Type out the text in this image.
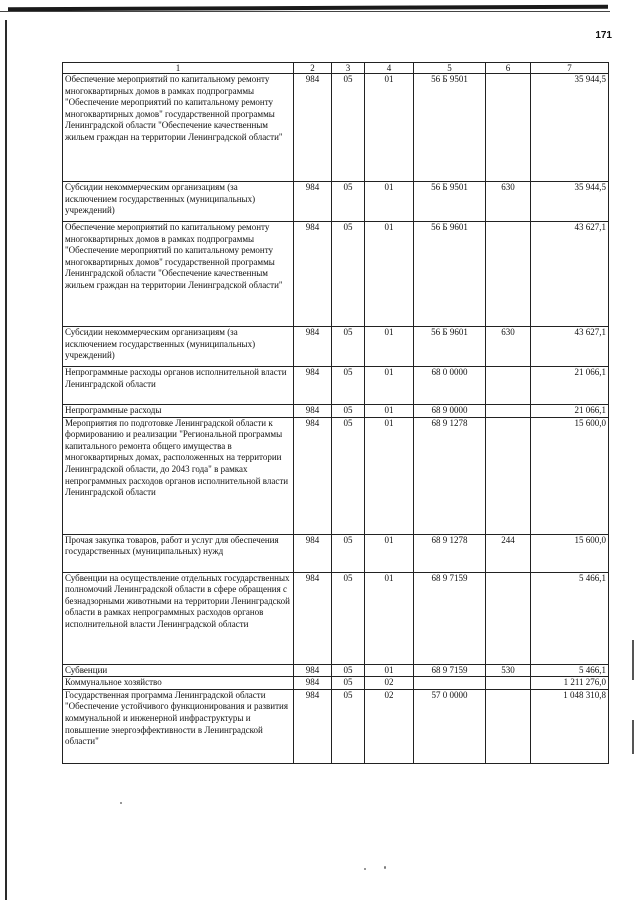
171
1	2	3	4	5	6	7
Обеспечение мероприятий по капитальному ремонту многоквартирных домов в рамках подпрограммы "Обеспечение мероприятий по капитальному ремонту многоквартирных домов" государственной программы Ленинградской области "Обеспечение качественным жильем граждан на территории Ленинградской области"	984	05	01	56 Б 9501		35 944,5
Субсидии некоммерческим организациям (за исключением государственных (муниципальных) учреждений)	984	05	01	56 Б 9501	630	35 944,5
Обеспечение мероприятий по капитальному ремонту многоквартирных домов в рамках подпрограммы "Обеспечение мероприятий по капитальному ремонту многоквартирных домов" государственной программы Ленинградской области "Обеспечение качественным жильем граждан на территории Ленинградской области"	984	05	01	56 Б 9601		43 627,1
Субсидии некоммерческим организациям (за исключением государственных (муниципальных) учреждений)	984	05	01	56 Б 9601	630	43 627,1
Непрограммные расходы органов исполнительной власти Ленинградской области	984	05	01	68 0 0000		21 066,1
Непрограммные расходы	984	05	01	68 9 0000		21 066,1
Мероприятия по подготовке Ленинградской области к формированию и реализации "Региональной программы капитального ремонта общего имущества в многоквартирных домах, расположенных на территории Ленинградской области, до 2043 года" в рамках непрограммных расходов органов исполнительной власти Ленинградской области	984	05	01	68 9 1278		15 600,0
Прочая закупка товаров, работ и услуг для обеспечения государственных (муниципальных) нужд	984	05	01	68 9 1278	244	15 600,0
Субвенции на осуществление отдельных государственных полномочий Ленинградской области в сфере обращения с безнадзорными животными на территории Ленинградской области в рамках непрограммных расходов органов исполнительной власти Ленинградской области	984	05	01	68 9 7159		5 466,1
Субвенции	984	05	01	68 9 7159	530	5 466,1
Коммунальное хозяйство	984	05	02			1 211 276,0
Государственная программа Ленинградской области "Обеспечение устойчивого функционирования и развития коммунальной и инженерной инфраструктуры и повышение энергоэффективности в Ленинградской области"	984	05	02	57 0 0000		1 048 310,8
